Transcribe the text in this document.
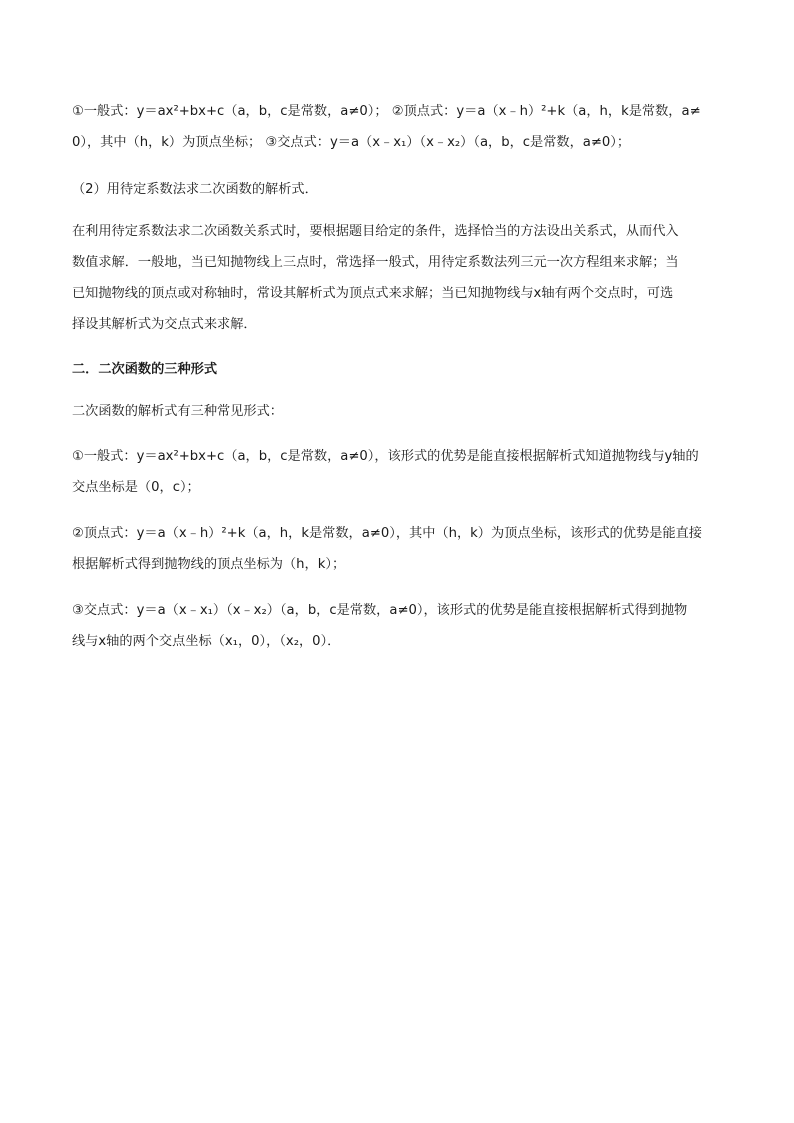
①一般式：y＝ax²+bx+c（a，b，c是常数，a≠0）； ②顶点式：y＝a（x﹣h）²+k（a，h，k是常数，a≠
0），其中（h，k）为顶点坐标； ③交点式：y＝a（x﹣x₁）（x﹣x₂）（a，b，c是常数，a≠0）；

（2）用待定系数法求二次函数的解析式．

在利用待定系数法求二次函数关系式时，要根据题目给定的条件，选择恰当的方法设出关系式，从而代入
数值求解．一般地，当已知抛物线上三点时，常选择一般式，用待定系数法列三元一次方程组来求解；当
已知抛物线的顶点或对称轴时，常设其解析式为顶点式来求解；当已知抛物线与x轴有两个交点时，可选
择设其解析式为交点式来求解．

二．二次函数的三种形式

二次函数的解析式有三种常见形式：

①一般式：y＝ax²+bx+c（a，b，c是常数，a≠0），该形式的优势是能直接根据解析式知道抛物线与y轴的
交点坐标是（0，c）；

②顶点式：y＝a（x﹣h）²+k（a，h，k是常数，a≠0），其中（h，k）为顶点坐标，该形式的优势是能直接
根据解析式得到抛物线的顶点坐标为（h，k）；

③交点式：y＝a（x﹣x₁）（x﹣x₂）（a，b，c是常数，a≠0），该形式的优势是能直接根据解析式得到抛物
线与x轴的两个交点坐标（x₁，0），（x₂，0）．
